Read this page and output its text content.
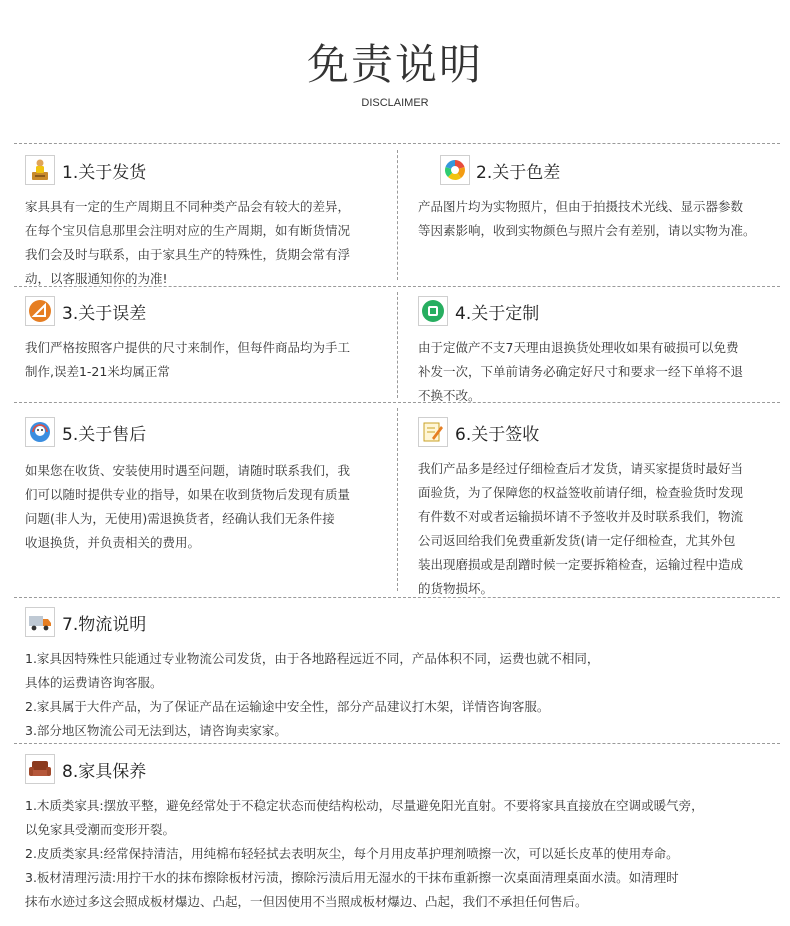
免责说明
DISCLAIMER
1.关于发货

家具具有一定的生产周期且不同种类产品会有较大的差异，

在每个宝贝信息那里会注明对应的生产周期，如有断货情况

我们会及时与联系，由于家具生产的特殊性，货期会常有浮

动，以客服通知你的为准!

2.关于色差

产品图片均为实物照片，但由于拍摄技术光线、显示器参数

等因素影响，收到实物颜色与照片会有差别，请以实物为准。

3.关于误差

我们严格按照客户提供的尺寸来制作，但每件商品均为手工

制作,误差1-21米均属正常

4.关于定制

由于定做产不支7天理由退换货处理收如果有破损可以免费

补发一次，下单前请务必确定好尺寸和要求一经下单将不退

不换不改。

5.关于售后

如果您在收货、安装使用时遇至问题，请随时联系我们，我

们可以随时提供专业的指导，如果在收到货物后发现有质量

问题(非人为，无使用)需退换货者，经确认我们无条件接

收退换货，并负责相关的费用。

6.关于签收

我们产品多是经过仔细检查后才发货，请买家提货时最好当

面验货，为了保障您的权益签收前请仔细，检查验货时发现

有件数不对或者运输损坏请不予签收并及时联系我们，物流

公司返回给我们免费重新发货(请一定仔细检查，尤其外包

装出现磨损或是刮蹭时候一定要拆箱检查，运输过程中造成

的货物损坏。

7.物流说明

1.家具因特殊性只能通过专业物流公司发货，由于各地路程远近不同，产品体积不同，运费也就不相同，

具体的运费请咨询客服。

2.家具属于大件产品，为了保证产品在运输途中安全性，部分产品建议打木架，详情咨询客服。

3.部分地区物流公司无法到达，请咨询卖家家。

8.家具保养

1.木质类家具:摆放平整，避免经常处于不稳定状态而使结构松动，尽量避免阳光直射。不要将家具直接放在空调或暖气旁，

以免家具受潮而变形开裂。

2.皮质类家具:经常保持清洁，用纯棉布轻轻拭去表明灰尘，每个月用皮革护理剂喷擦一次，可以延长皮革的使用寿命。

3.板材清理污渍:用拧干水的抹布擦除板材污渍，擦除污渍后用无湿水的干抹布重新擦一次桌面清理桌面水渍。如清理时

抹布水迹过多这会照成板材爆边、凸起，一但因使用不当照成板材爆边、凸起，我们不承担任何售后。
